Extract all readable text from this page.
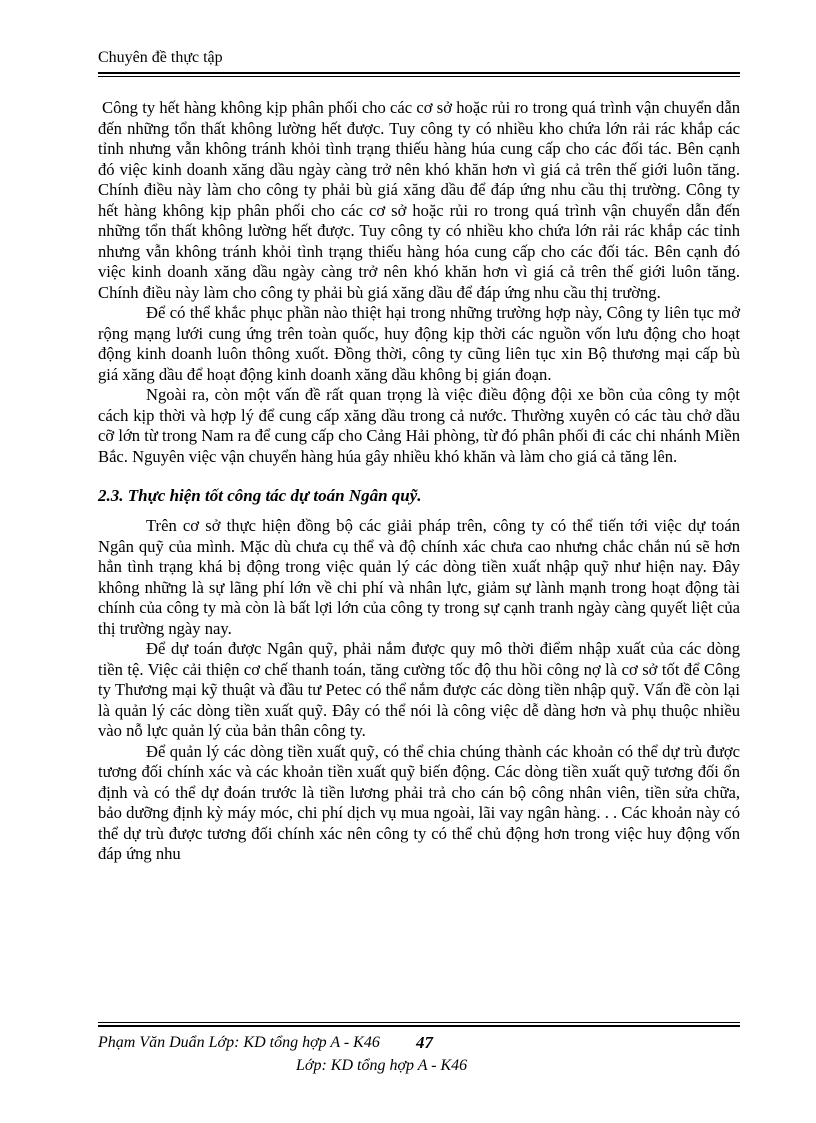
Chuyên đề thực tập

Công ty hết hàng không kịp phân phối cho các cơ sở hoặc rủi ro trong quá trình vận chuyển dẫn đến những tổn thất không lường hết được. Tuy công ty có nhiều kho chứa lớn rải rác khắp các tỉnh nhưng vẫn không tránh khỏi tình trạng thiếu hàng húa cung cấp cho các đối tác. Bên cạnh đó việc kinh doanh xăng dầu ngày càng trở nên khó khăn hơn vì giá cả trên thế giới luôn tăng. Chính điều này làm cho công ty phải bù giá xăng dầu để đáp ứng nhu cầu thị trường. Công ty hết hàng không kịp phân phối cho các cơ sở hoặc rủi ro trong quá trình vận chuyển dẫn đến những tổn thất không lường hết được. Tuy công ty có nhiều kho chứa lớn rải rác khắp các tỉnh nhưng vẫn không tránh khỏi tình trạng thiếu hàng hóa cung cấp cho các đối tác. Bên cạnh đó việc kinh doanh xăng dầu ngày càng trở nên khó khăn hơn vì giá cả trên thế giới luôn tăng. Chính điều này làm cho công ty phải bù giá xăng dầu để đáp ứng nhu cầu thị trường.

Để có thể khắc phục phần nào thiệt hại trong những trường hợp này, Công ty liên tục mở rộng mạng lưới cung ứng trên toàn quốc, huy động kịp thời các nguồn vốn lưu động cho hoạt động kinh doanh luôn thông xuốt. Đồng thời, công ty cũng liên tục xin Bộ thương mại cấp bù giá xăng dầu để hoạt động kinh doanh xăng dầu không bị gián đoạn.

Ngoài ra, còn một vấn đề rất quan trọng là việc điều động đội xe bồn của công ty một cách kịp thời và hợp lý để cung cấp xăng dầu trong cả nước. Thường xuyên có các tàu chở dầu cỡ lớn từ trong Nam ra để cung cấp cho Cảng Hải phòng, từ đó phân phối đi các chi nhánh Miền Bắc. Nguyên việc vận chuyển hàng húa gây nhiều khó khăn và làm cho giá cả tăng lên.

2.3. Thực hiện tốt công tác dự toán Ngân quỹ.

Trên cơ sở thực hiện đồng bộ các giải pháp trên, công ty có thể tiến tới việc dự toán Ngân quỹ của mình. Mặc dù chưa cụ thể và độ chính xác chưa cao nhưng chắc chắn nú sẽ hơn hẳn tình trạng khá bị động trong việc quản lý các dòng tiền xuất nhập quỹ như hiện nay. Đây không những là sự lãng phí lớn về chi phí và nhân lực, giảm sự lành mạnh trong hoạt động tài chính của công ty mà còn là bất lợi lớn của công ty trong sự cạnh tranh ngày càng quyết liệt của thị trường ngày nay.

Để dự toán được Ngân quỹ, phải nắm được quy mô thời điểm nhập xuất của các dòng tiền tệ. Việc cải thiện cơ chế thanh toán, tăng cường tốc độ thu hồi công nợ là cơ sở tốt để Công ty Thương mại kỹ thuật và đầu tư Petec có thể nắm được các dòng tiền nhập quỹ. Vấn đề còn lại là quản lý các dòng tiền xuất quỹ. Đây có thể nói là công việc dễ dàng hơn và phụ thuộc nhiều vào nỗ lực quản lý của bản thân công ty.

Để quản lý các dòng tiền xuất quỹ, có thể chia chúng thành các khoản có thể dự trù được tương đối chính xác và các khoản tiền xuất quỹ biến động. Các dòng tiền xuất quỹ tương đối ổn định và có thể dự đoán trước là tiền lương phải trả cho cán bộ công nhân viên, tiền sửa chữa, bảo dưỡng định kỳ máy móc, chi phí dịch vụ mua ngoài, lãi vay ngân hàng. . . Các khoản này có thể dự trù được tương đối chính xác nên công ty có thể chủ động hơn trong việc huy động vốn đáp ứng nhu

Phạm Văn Duẩn Lớp: KD tổng hợp A - K46 47
Lớp: KD tổng hợp A - K46
